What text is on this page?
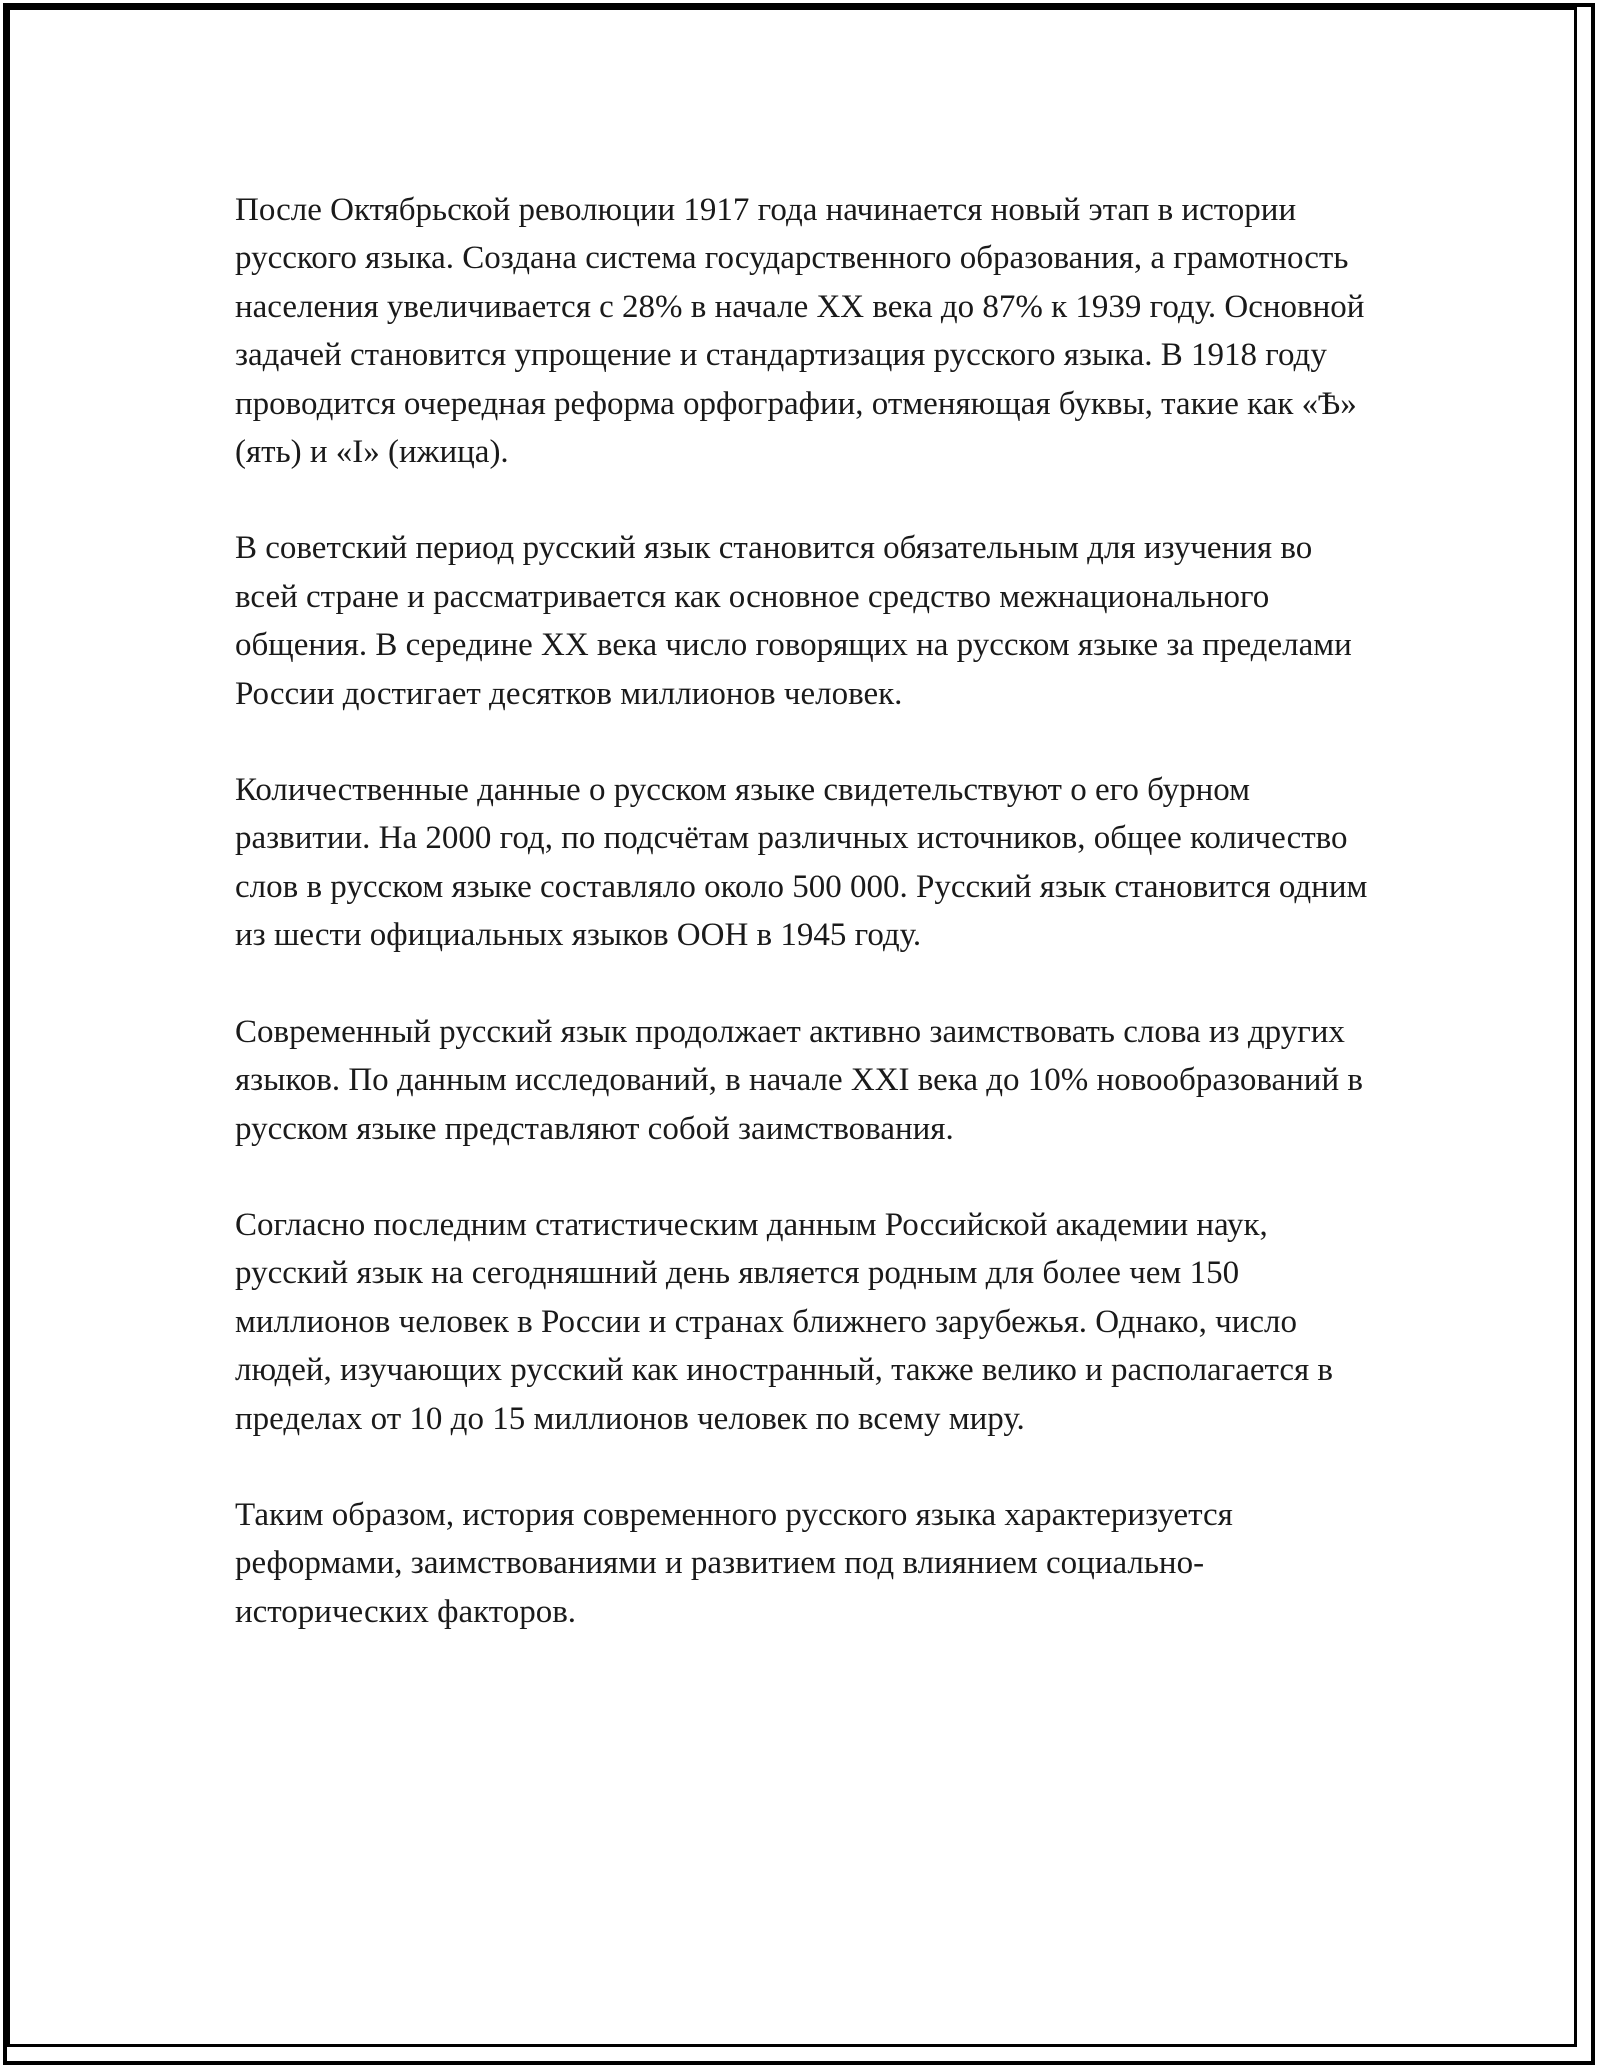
После Октябрьской революции 1917 года начинается новый этап в истории русского языка. Создана система государственного образования, а грамотность населения увеличивается с 28% в начале XX века до 87% к 1939 году. Основной задачей становится упрощение и стандартизация русского языка. В 1918 году проводится очередная реформа орфографии, отменяющая буквы, такие как «Ѣ» (ять) и «I» (ижица).

В советский период русский язык становится обязательным для изучения во всей стране и рассматривается как основное средство межнационального общения. В середине XX века число говорящих на русском языке за пределами России достигает десятков миллионов человек.

Количественные данные о русском языке свидетельствуют о его бурном развитии. На 2000 год, по подсчётам различных источников, общее количество слов в русском языке составляло около 500 000. Русский язык становится одним из шести официальных языков ООН в 1945 году.

Современный русский язык продолжает активно заимствовать слова из других языков. По данным исследований, в начале XXI века до 10% новообразований в русском языке представляют собой заимствования.

Согласно последним статистическим данным Российской академии наук, русский язык на сегодняшний день является родным для более чем 150 миллионов человек в России и странах ближнего зарубежья. Однако, число людей, изучающих русский как иностранный, также велико и располагается в пределах от 10 до 15 миллионов человек по всему миру.

Таким образом, история современного русского языка характеризуется реформами, заимствованиями и развитием под влиянием социально-исторических факторов.
